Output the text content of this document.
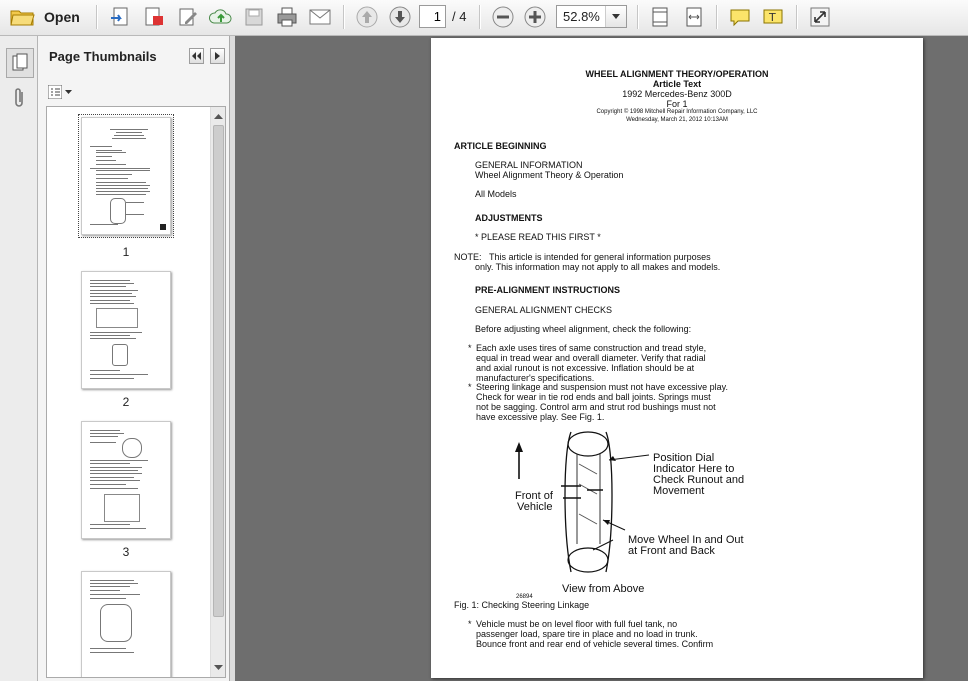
Open	1 / 4	52.8%	T
Page Thumbnails
1
2
3
WHEEL ALIGNMENT THEORY/OPERATION
Article Text
1992 Mercedes-Benz 300D
For 1
Copyright © 1998 Mitchell Repair Information Company, LLC
Wednesday, March 21, 2012 10:13AM
ARTICLE BEGINNING
GENERAL INFORMATION
Wheel Alignment Theory & Operation
All Models
ADJUSTMENTS
* PLEASE READ THIS FIRST *
NOTE: This article is intended for general information purposes
only. This information may not apply to all makes and models.
PRE-ALIGNMENT INSTRUCTIONS
GENERAL ALIGNMENT CHECKS
Before adjusting wheel alignment, check the following:
* Each axle uses tires of same construction and tread style,
equal in tread wear and overall diameter. Verify that radial
and axial runout is not excessive. Inflation should be at
manufacturer's specifications.
* Steering linkage and suspension must not have excessive play.
Check for wear in tie rod ends and ball joints. Springs must
not be sagging. Control arm and strut rod bushings must not
have excessive play. See Fig. 1.
Front of
Vehicle
Position Dial
Indicator Here to
Check Runout and
Movement
Move Wheel In and Out
at Front and Back
View from Above
26894
Fig. 1: Checking Steering Linkage
* Vehicle must be on level floor with full fuel tank, no
passenger load, spare tire in place and no load in trunk.
Bounce front and rear end of vehicle several times. Confirm
